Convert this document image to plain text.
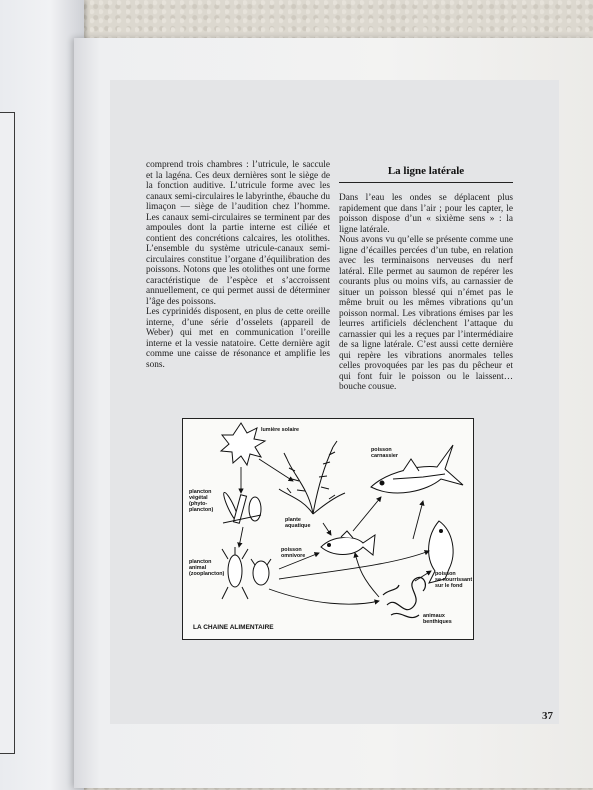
comprend trois chambres : l’utricule, le saccule et la lagéna. Ces deux dernières sont le siège de la fonction auditive. L’utricule forme avec les canaux semi-circulaires le labyrinthe, ébauche du limaçon — siège de l’audition chez l’homme. Les canaux semi-circulaires se terminent par des ampoules dont la partie interne est ciliée et contient des concrétions calcaires, les otolithes. L’ensemble du système utricule-canaux semi-circulaires constitue l’organe d’équilibration des poissons. Notons que les otolithes ont une forme caractéristique de l’espèce et s’accroissent annuellement, ce qui permet aussi de déterminer l’âge des poissons.

Les cyprinidés disposent, en plus de cette oreille interne, d’une série d’osselets (appareil de Weber) qui met en communication l’oreille interne et la vessie natatoire. Cette dernière agit comme une caisse de résonance et amplifie les sons.

La ligne latérale

Dans l’eau les ondes se déplacent plus rapidement que dans l’air ; pour les capter, le poisson dispose d’un « sixième sens » : la ligne latérale.

Nous avons vu qu’elle se présente comme une ligne d’écailles percées d’un tube, en relation avec les terminaisons nerveuses du nerf latéral. Elle permet au saumon de repérer les courants plus ou moins vifs, au carnassier de situer un poisson blessé qui n’émet pas le même bruit ou les mêmes vibrations qu’un poisson normal. Les vibrations émises par les leurres artificiels déclenchent l’attaque du carnassier qui les a reçues par l’intermédiaire de sa ligne latérale. C’est aussi cette dernière qui repère les vibrations anormales telles celles provoquées par les pas du pêcheur et qui font fuir le poisson ou le laissent… bouche cousue.

lumière solaire
poisson
carnassier
plancton
végétal
(phyto-
plancton)
plante
aquatique
poisson
omnivore
plancton
animal
(zooplancton)	poisson
se nourrissant
sur le fond
animaux
benthiques
LA CHAINE ALIMENTAIRE
37
